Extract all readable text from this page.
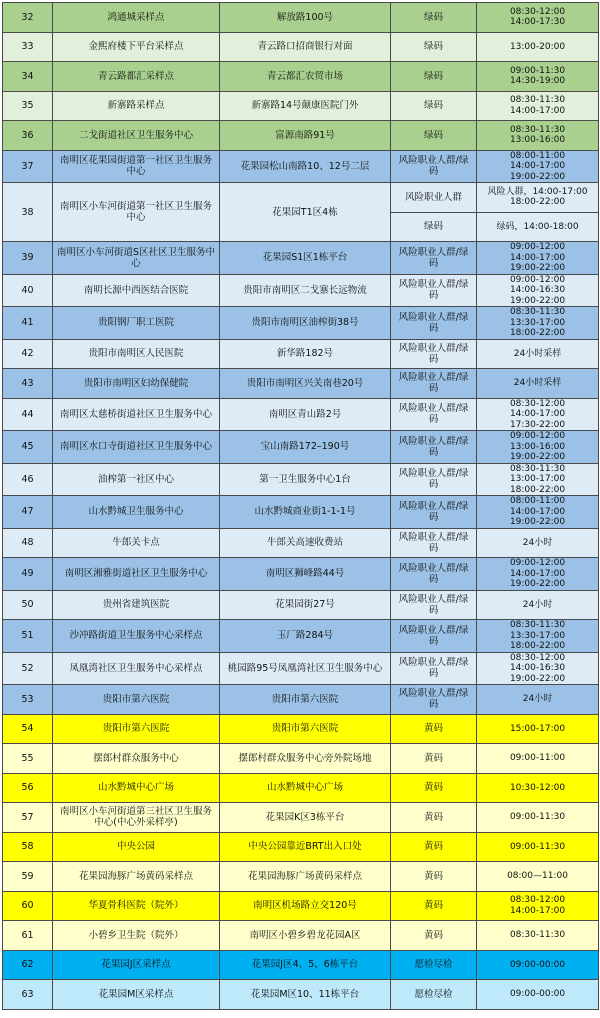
32	鸿通城采样点	解放路100号	绿码	08:30-12:00
14:00-17:30

33	金熙府楼下平台采样点	青云路口招商银行对面	绿码	13:00-20:00

34	青云路都汇采样点	青云都汇农贸市场	绿码	09:00-11:30
14:30-19:00

35	新寨路采样点	新寨路14号颠康医院门外	绿码	08:30-11:30
14:00-17:00

36	二戈街道社区卫生服务中心	富源南路91号	绿码	08:30-11:30
13:00-16:00

37	南明区花果园街道第一社区卫生服务中心	花果园松山南路10、12号二层	风险职业人群/绿码	08:00-11:00
14:00-17:00
19:00-22:00

38	南明区小车河街道第一社区卫生服务中心	花果园T1区4栋	风险职业人群	风险人群，14:00-17:00
18:00-22:00

			绿码	绿码，14:00-18:00

39	南明区小车河街道S区社区卫生服务中心	花果园S1区1栋平台	风险职业人群/绿码	09:00-12:00
14:00-17:00
19:00-22:00

40	南明长源中西医结合医院	贵阳市南明区二戈寨长远物流	风险职业人群/绿码	09:00-12:00
14:00-16:30
19:00-22:00

41	贵阳钢厂职工医院	贵阳市南明区油榨街38号	风险职业人群/绿码	08:30-11:30
13:30-17:00
18:00-22:00

42	贵阳市南明区人民医院	新华路182号	风险职业人群/绿码	24小时采样

43	贵阳市南明区妇幼保健院	贵阳市南明区兴关南巷20号	风险职业人群/绿码	24小时采样

44	南明区太慈桥街道社区卫生服务中心	南明区青山路2号	风险职业人群/绿码	08:30-12:00
14:00-17:00
17:30-22:00

45	南明区水口寺街道社区卫生服务中心	宝山南路172–190号	风险职业人群/绿码	09:00-12:00
13:00-16:00
19:00-22:00

46	油榨第一社区中心	第一卫生服务中心1台	风险职业人群/绿码	08:30-11:30
13:00-17:00
18:00-22:00

47	山水黔城卫生服务中心	山水黔城商业街1-1-1号	风险职业人群/绿码	08:00-11:00
14:00-17:00
19:00-22:00

48	牛郎关卡点	牛郎关高速收费站	风险职业人群/绿码	24小时

49	南明区湘雅街道社区卫生服务中心	南明区狮峰路44号	风险职业人群/绿码	09:00-12:00
14:00-17:00
19:00-22:00

50	贵州省建筑医院	花果园街27号	风险职业人群/绿码	24小时

51	沙冲路街道卫生服务中心采样点	玉厂路284号	风险职业人群/绿码	08:30-11:30
13:30-17:00
18:00-22:00

52	凤凰湾社区卫生服务中心采样点	桃园路95号凤凰湾社区卫生服务中心	风险职业人群/绿码	08:30-12:00
14:00-16:30
19:00-22:00

53	贵阳市第六医院	贵阳市第六医院	风险职业人群/绿码	24小时

54	贵阳市第六医院	贵阳市第六医院	黄码	15:00-17:00

55	摆郎村群众服务中心	摆郎村群众服务中心旁外院场地	黄码	09:00-11:00

56	山水黔城中心广场	山水黔城中心广场	黄码	10:30-12:00

57	南明区小车河街道第三社区卫生服务中心(中心外采样亭)	花果园K区3栋平台	黄码	09:00-11:30

58	中央公园	中央公园靠近BRT出入口处	黄码	09:00-11:30

59	花果园海豚广场黄码采样点	花果园海豚广场黄码采样点	黄码	08:00—11:00

60	华夏骨科医院（院外）	南明区机场路立交120号	黄码	08:30-12:00
14:00-17:00

61	小碧乡卫生院（院外）	南明区小碧乡碧龙花园A区	黄码	08:30-11:30

62	花果园J区采样点	花果园J区4、5、6栋平台	愿检尽检	09:00-00:00

63	花果园M区采样点	花果园M区10、11栋平台	愿检尽检	09:00-00:00
